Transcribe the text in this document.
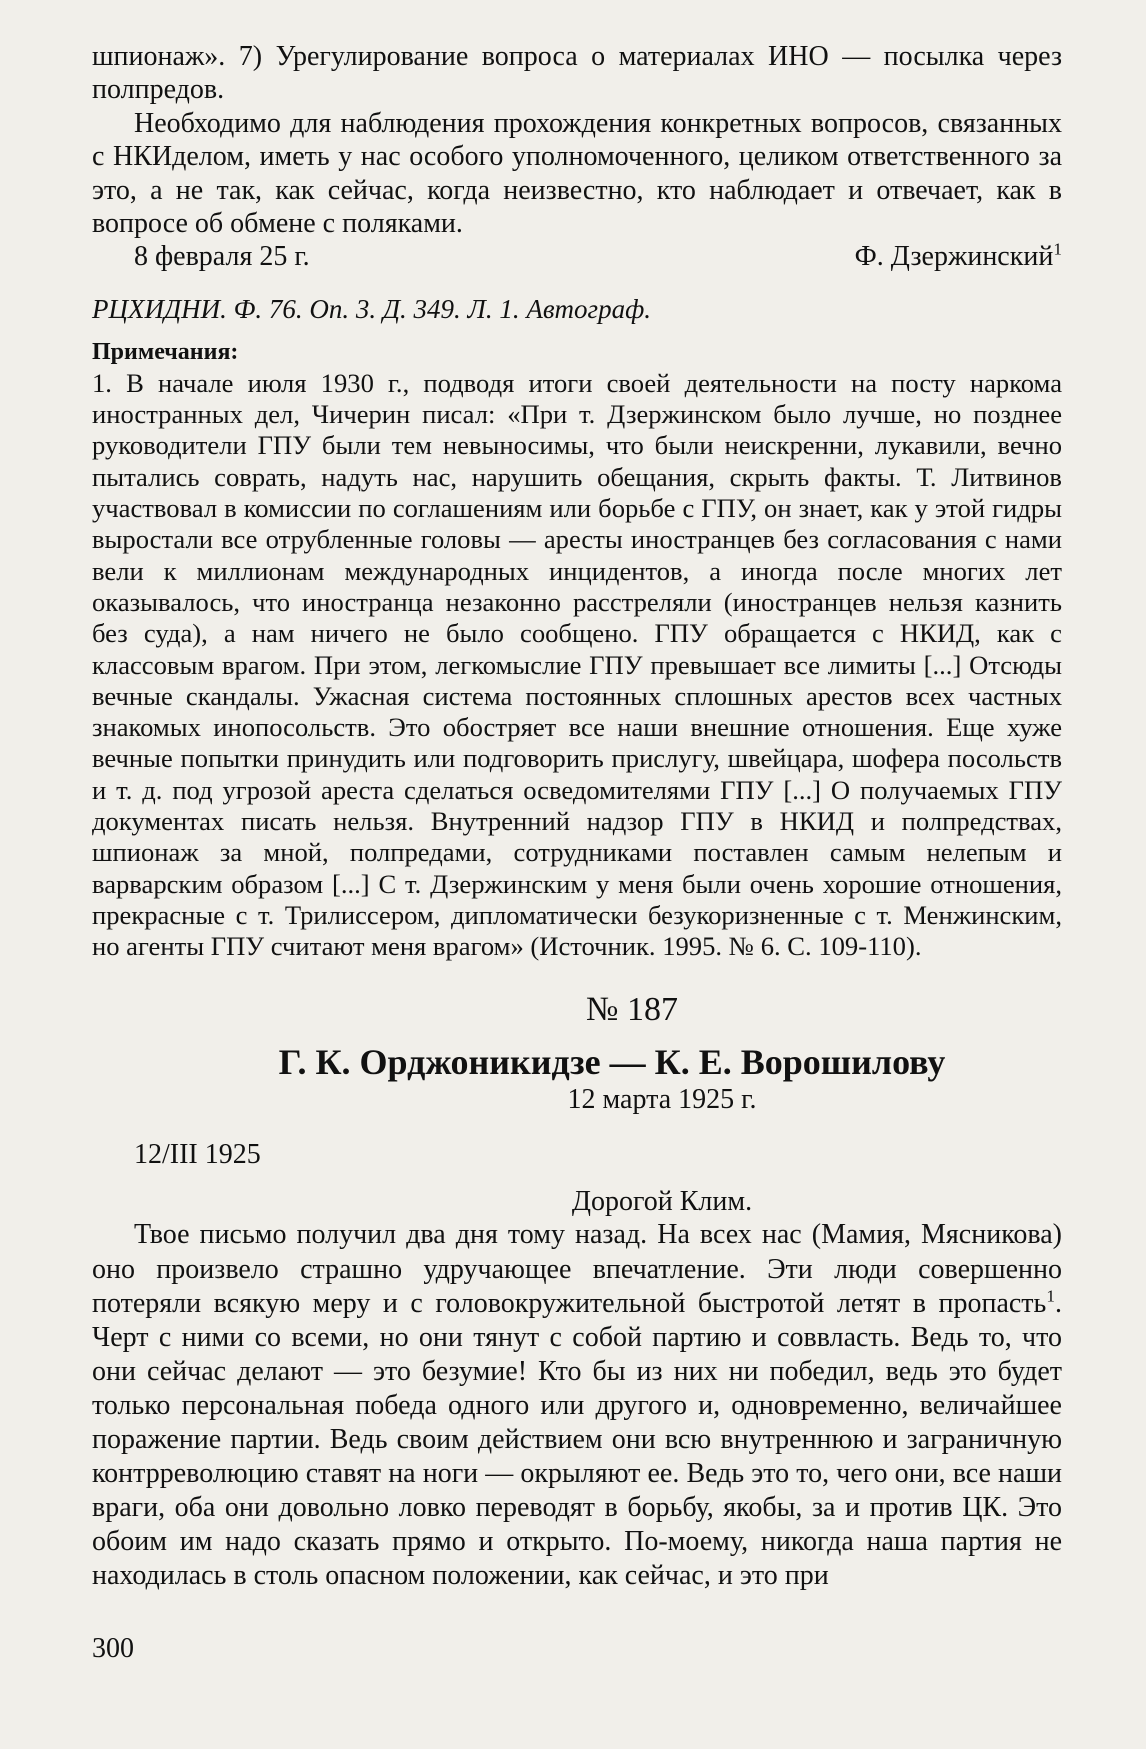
шпионаж». 7) Урегулирование вопроса о материалах ИНО — посылка через полпредов.

Необходимо для наблюдения прохождения конкретных вопросов, связанных с НКИделом, иметь у нас особого уполномоченного, целиком ответственного за это, а не так, как сейчас, когда неизвестно, кто наблюдает и отвечает, как в вопросе об обмене с поляками.

8 февраля 25 г.	Ф. Дзержинский$^1$
РЦХИДНИ. Ф. 76. Оп. 3. Д. 349. Л. 1. Автограф.
Примечания:

1. В начале июля 1930 г., подводя итоги своей деятельности на посту наркома иностранных дел, Чичерин писал: «При т. Дзержинском было лучше, но позднее руководители ГПУ были тем невыносимы, что были неискренни, лукавили, вечно пытались соврать, надуть нас, нарушить обещания, скрыть факты. Т. Литвинов участвовал в комиссии по соглашениям или борьбе с ГПУ, он знает, как у этой гидры выростали все отрубленные головы — аресты иностранцев без согласования с нами вели к миллионам международных инцидентов, а иногда после многих лет оказывалось, что иностранца незаконно расстреляли (иностранцев нельзя казнить без суда), а нам ничего не было сообщено. ГПУ обращается с НКИД, как с классовым врагом. При этом, легкомыслие ГПУ превышает все лимиты [...] Отсюды вечные скандалы. Ужасная система постоянных сплошных арестов всех частных знакомых инопосольств. Это обостряет все наши внешние отношения. Еще хуже вечные попытки принудить или подговорить прислугу, швейцара, шофера посольств и т. д. под угрозой ареста сделаться осведомителями ГПУ [...] О получаемых ГПУ документах писать нельзя. Внутренний надзор ГПУ в НКИД и полпредствах, шпионаж за мной, полпредами, сотрудниками поставлен самым нелепым и варварским образом [...] С т. Дзержинским у меня были очень хорошие отношения, прекрасные с т. Трилиссером, дипломатически безукоризненные с т. Менжинским, но агенты ГПУ считают меня врагом» (Источник. 1995. № 6. С. 109-110).

№ 187
Г. К. Орджоникидзе — К. Е. Ворошилову
12 марта 1925 г.
12/III 1925
Дорогой Клим.

Твое письмо получил два дня тому назад. На всех нас (Мамия, Мясникова) оно произвело страшно удручающее впечатление. Эти люди совершенно потеряли всякую меру и с головокружительной быстротой летят в пропасть$^1$. Черт с ними со всеми, но они тянут с собой партию и соввласть. Ведь то, что они сейчас делают — это безумие! Кто бы из них ни победил, ведь это будет только персональная победа одного или другого и, одновременно, величайшее поражение партии. Ведь своим действием они всю внутреннюю и заграничную контрреволюцию ставят на ноги — окрыляют ее. Ведь это то, чего они, все наши враги, оба они довольно ловко переводят в борьбу, якобы, за и против ЦК. Это обоим им надо сказать прямо и открыто. По-моему, никогда наша партия не находилась в столь опасном положении, как сейчас, и это при

300
